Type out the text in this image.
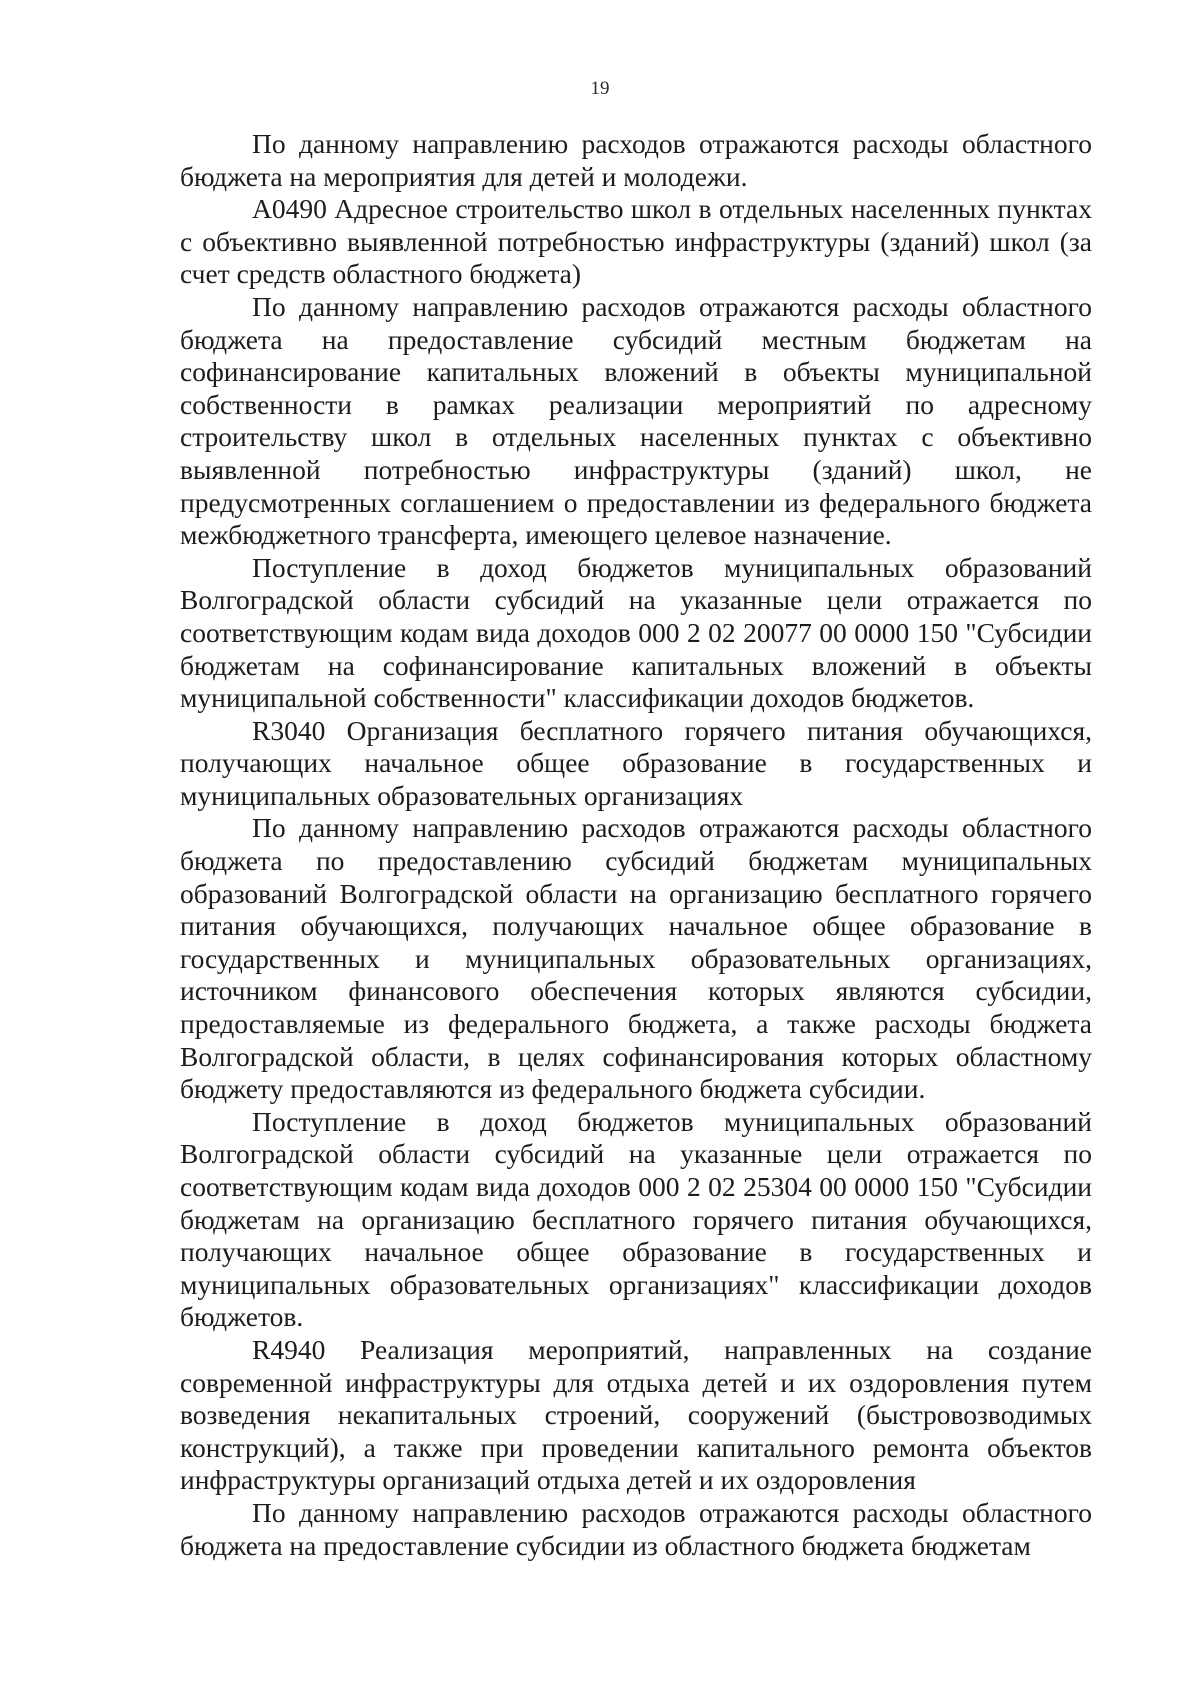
19

По данному направлению расходов отражаются расходы областного бюджета на мероприятия для детей и молодежи.

А0490 Адресное строительство школ в отдельных населенных пунктах с объективно выявленной потребностью инфраструктуры (зданий) школ (за счет средств областного бюджета)

По данному направлению расходов отражаются расходы областного бюджета на предоставление субсидий местным бюджетам на софинансирование капитальных вложений в объекты муниципальной собственности в рамках реализации мероприятий по адресному строительству школ в отдельных населенных пунктах с объективно выявленной потребностью инфраструктуры (зданий) школ, не предусмотренных соглашением о предоставлении из федерального бюджета межбюджетного трансферта, имеющего целевое назначение.

Поступление в доход бюджетов муниципальных образований Волгоградской области субсидий на указанные цели отражается по соответствующим кодам вида доходов 000 2 02 20077 00 0000 150 "Субсидии бюджетам на софинансирование капитальных вложений в объекты муниципальной собственности" классификации доходов бюджетов.

R3040 Организация бесплатного горячего питания обучающихся, получающих начальное общее образование в государственных и муниципальных образовательных организациях

По данному направлению расходов отражаются расходы областного бюджета по предоставлению субсидий бюджетам муниципальных образований Волгоградской области на организацию бесплатного горячего питания обучающихся, получающих начальное общее образование в государственных и муниципальных образовательных организациях, источником финансового обеспечения которых являются субсидии, предоставляемые из федерального бюджета, а также расходы бюджета Волгоградской области, в целях софинансирования которых областному бюджету предоставляются из федерального бюджета субсидии.

Поступление в доход бюджетов муниципальных образований Волгоградской области субсидий на указанные цели отражается по соответствующим кодам вида доходов 000 2 02 25304 00 0000 150 "Субсидии бюджетам на организацию бесплатного горячего питания обучающихся, получающих начальное общее образование в государственных и муниципальных образовательных организациях" классификации доходов бюджетов.

R4940 Реализация мероприятий, направленных на создание современной инфраструктуры для отдыха детей и их оздоровления путем возведения некапитальных строений, сооружений (быстровозводимых конструкций), а также при проведении капитального ремонта объектов инфраструктуры организаций отдыха детей и их оздоровления

По данному направлению расходов отражаются расходы областного бюджета на предоставление субсидии из областного бюджета бюджетам
